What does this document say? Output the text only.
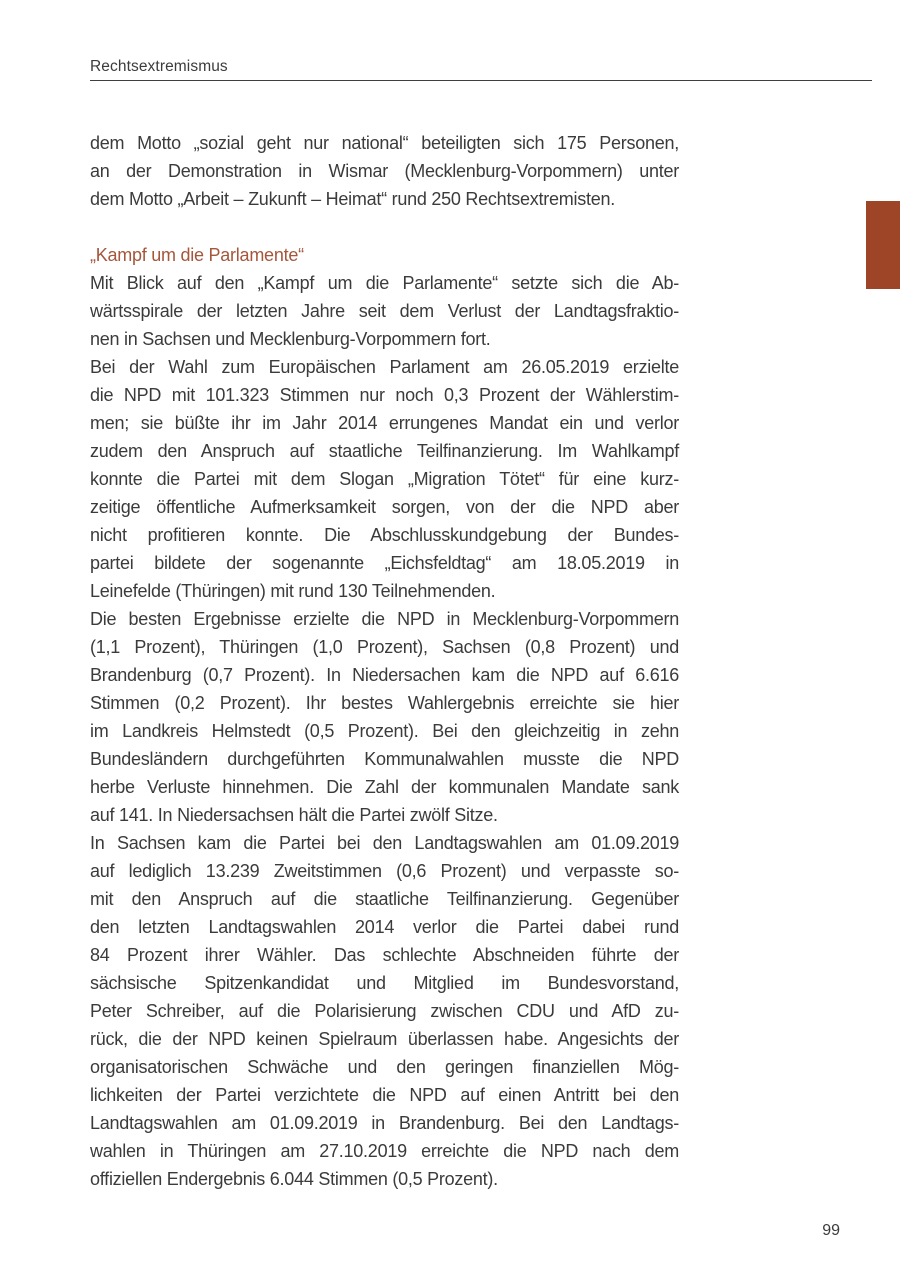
Rechtsextremismus
dem Motto „sozial geht nur national“ beteiligten sich 175 Personen,
an der Demonstration in Wismar (Mecklenburg-Vorpommern) unter
dem Motto „Arbeit – Zukunft – Heimat“ rund 250 Rechtsextremisten.
„Kampf um die Parlamente“
Mit Blick auf den „Kampf um die Parlamente“ setzte sich die Ab-
wärtsspirale der letzten Jahre seit dem Verlust der Landtagsfraktio-
nen in Sachsen und Mecklenburg-Vorpommern fort.
Bei der Wahl zum Europäischen Parlament am 26.05.2019 erzielte
die NPD mit 101.323 Stimmen nur noch 0,3 Prozent der Wählerstim-
men; sie büßte ihr im Jahr 2014 errungenes Mandat ein und verlor
zudem den Anspruch auf staatliche Teilfinanzierung. Im Wahlkampf
konnte die Partei mit dem Slogan „Migration Tötet“ für eine kurz-
zeitige öffentliche Aufmerksamkeit sorgen, von der die NPD aber
nicht profitieren konnte. Die Abschlusskundgebung der Bundes-
partei bildete der sogenannte „Eichsfeldtag“ am 18.05.2019 in
Leinefelde (Thüringen) mit rund 130 Teilnehmenden.
Die besten Ergebnisse erzielte die NPD in Mecklenburg-Vorpommern
(1,1 Prozent), Thüringen (1,0 Prozent), Sachsen (0,8 Prozent) und
Brandenburg (0,7 Prozent). In Niedersachen kam die NPD auf 6.616
Stimmen (0,2 Prozent). Ihr bestes Wahlergebnis erreichte sie hier
im Landkreis Helmstedt (0,5 Prozent). Bei den gleichzeitig in zehn
Bundesländern durchgeführten Kommunalwahlen musste die NPD
herbe Verluste hinnehmen. Die Zahl der kommunalen Mandate sank
auf 141. In Niedersachsen hält die Partei zwölf Sitze.
In Sachsen kam die Partei bei den Landtagswahlen am 01.09.2019
auf lediglich 13.239 Zweitstimmen (0,6 Prozent) und verpasste so-
mit den Anspruch auf die staatliche Teilfinanzierung. Gegenüber
den letzten Landtagswahlen 2014 verlor die Partei dabei rund
84 Prozent ihrer Wähler. Das schlechte Abschneiden führte der
sächsische Spitzenkandidat und Mitglied im Bundesvorstand,
Peter Schreiber, auf die Polarisierung zwischen CDU und AfD zu-
rück, die der NPD keinen Spielraum überlassen habe. Angesichts der
organisatorischen Schwäche und den geringen finanziellen Mög-
lichkeiten der Partei verzichtete die NPD auf einen Antritt bei den
Landtagswahlen am 01.09.2019 in Brandenburg. Bei den Landtags-
wahlen in Thüringen am 27.10.2019 erreichte die NPD nach dem
offiziellen Endergebnis 6.044 Stimmen (0,5 Prozent).
99
